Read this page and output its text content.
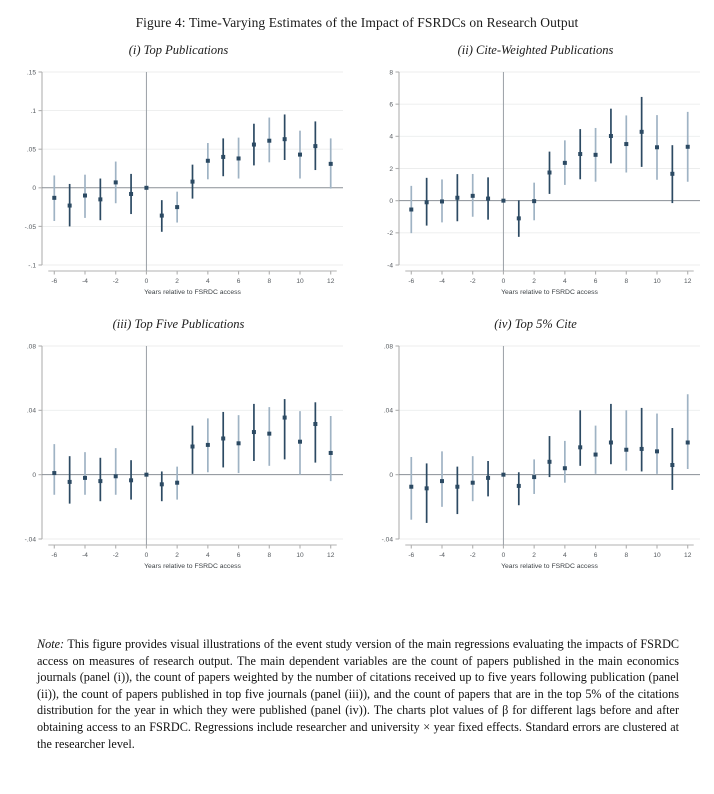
Figure 4: Time-Varying Estimates of the Impact of FSRDCs on Research Output
(i) Top Publications
.15
.1
.05
0
-.05
-.1
-6	-4	-2	0	2	4	6	8	10	12
Years relative to FSRDC access
(ii) Cite-Weighted Publications
8
6
4
2
0
-2
-4
-6	-4	-2	0	2	4	6	8	10	12
Years relative to FSRDC access
(iii) Top Five Publications
.08
.04
0
-.04
-6	-4	-2	0	2	4	6	8	10	12
Years relative to FSRDC access
(iv) Top 5% Cite
.08
.04
0
-.04
-6	-4	-2	0	2	4	6	8	10	12
Years relative to FSRDC access
Note: This figure provides visual illustrations of the event study version of the main regressions evaluating the impacts of FSRDC access on measures of research output. The main dependent variables are the count of papers published in the main economics journals (panel (i)), the count of papers weighted by the number of citations received up to five years following publication (panel (ii)), the count of papers published in top five journals (panel (iii)), and the count of papers that are in the top 5% of the citations distribution for the year in which they were published (panel (iv)). The charts plot values of β for different lags before and after obtaining access to an FSRDC. Regressions include researcher and university × year fixed effects. Standard errors are clustered at the researcher level.
